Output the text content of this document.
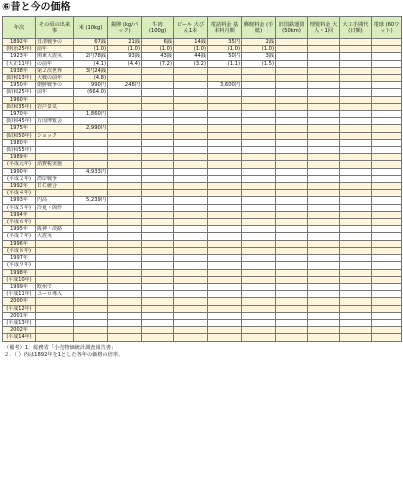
⑥昔と今の価格
年次	その頃の出来事	米 (10kg)	鶏卵 (kg/パック)	牛肉 (100g)	ビール 大びん1本	電話料金 基本料月額	郵便料金 (手紙)	旧国鉄運賃 (50km)	理髪料金 大人・1回	大工手間代 (日額)	電球 (60ワット)
1892年	日清戦争の	67銭	21銭	6銭	14銭	35円	2銭				
(明治25年)	前年	(1.0)	(1.0)	(1.0)	(1.0)	(1.0)	(1.0)				
1923年	関東大震災	2円78銭	93銭	43銭	44銭	50円	3銭				
(大正11年)	の前年	(4.1)	(4.4)	(7.2)	(3.2)	(1.1)	(1.5)				
1938年	第２次世界	3円24銭									
(昭和13年)	大戦の前年	(4.8)									
1950年	朝鮮戦争の	990円	248円			3,600円					
(昭和25年)	前年	(664.0)									
1960年											
(昭和35年)	岩戸景気										
1970年		1,860円									
(昭和45年)	万国博覧会										
1975年		2,990円									
(昭和50年)	ショック										
1980年											
(昭和55年)											
1989年											
(平成元年)	消費税実施										
1990年		4,933円									
(平成２年)	湾岸戦争										
1992年	ＥＣ統合										
(平成４年)											
1993年	円高	5,239円									
(平成５年)	冷夏・凶作										
1994年											
(平成６年)											
1995年	阪神・淡路										
(平成７年)	大震災										
1996年											
(平成８年)											
1997年											
(平成９年)											
1998年											
(平成10年)											
1999年	欧州で										
(平成11年)	ユーロ導入										
2000年											
(平成12年)											
2001年											
(平成13年)											
2002年											
(平成14年)											
（備考）1．総務省「小売物価統計調査報告書」
２．（ ）内は1892年を1とした各年の価格の倍率。
